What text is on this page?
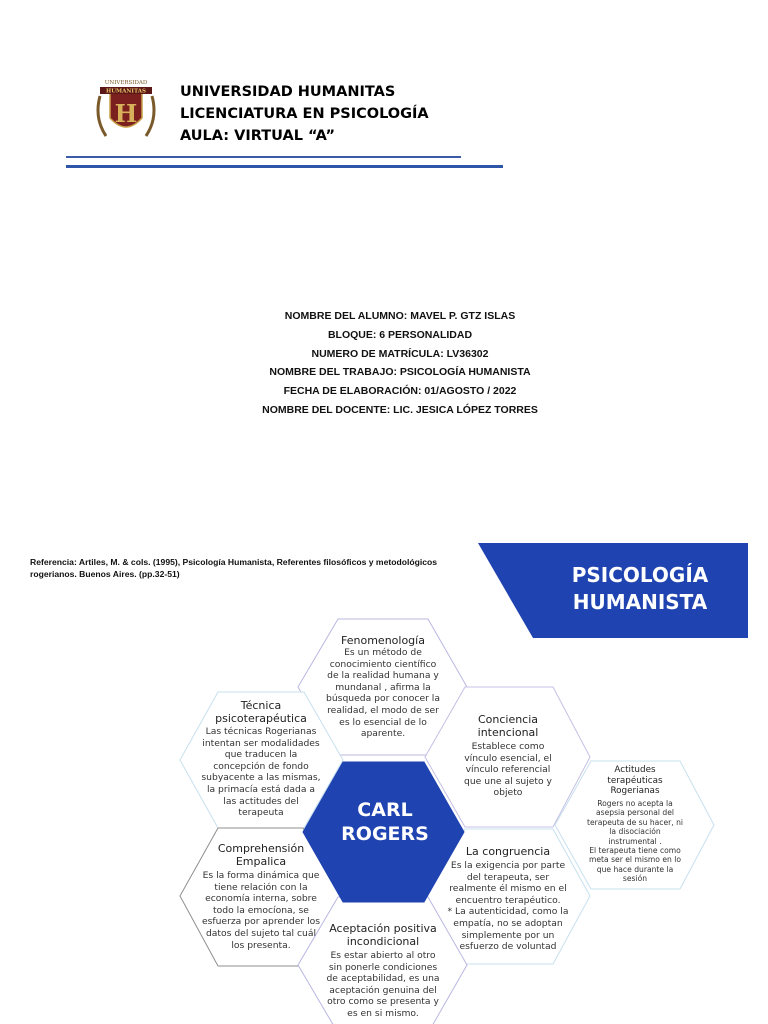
H
UNIVERSIDAD
HUMANITAS UNIVERSIDAD HUMANITAS
LICENCIATURA EN PSICOLOGÍA
AULA: VIRTUAL “A”
NOMBRE DEL ALUMNO: MAVEL P. GTZ ISLAS
BLOQUE: 6 PERSONALIDAD
NUMERO DE MATRÍCULA: LV36302
NOMBRE DEL TRABAJO: PSICOLOGÍA HUMANISTA
FECHA DE ELABORACIÓN: 01/AGOSTO / 2022
NOMBRE DEL DOCENTE: LIC. JESICA LÓPEZ TORRES
Referencia: Artiles, M. & cols. (1995), Psicología Humanista, Referentes filosóficos y metodológicos rogerianos. Buenos Aires. (pp.32-51)	PSICOLOGÍA
HUMANISTA
CARL
ROGERS
Fenomenología
Es un método de
conocimiento científico
de la realidad humana y
mundanal , afirma la
búsqueda por conocer la
realidad, el modo de ser
es lo esencial de lo
aparente.
Técnica
psicoterapéutica
Las técnicas Rogerianas
intentan ser modalidades
que traducen la
concepción de fondo
subyacente a las mismas,
la primacía está dada a
las actitudes del
terapeuta
Conciencia
intencional
Establece como
vínculo esencial, el
vínculo referencial
que une al sujeto y
objeto
Actitudes
terapéuticas
Rogerianas
Rogers no acepta la
asepsia personal del
terapeuta de su hacer, ni
la disociación
instrumental .
El terapeuta tiene como
meta ser el mismo en lo
que hace durante la
sesión
Comprehensión
Empalica
Es la forma dinámica que
tiene relación con la
economía interna, sobre
todo la emocíona, se
esfuerza por aprender los
datos del sujeto tal cuál
los presenta.
La congruencia
Es la exigencia por parte
del terapeuta, ser
realmente él mismo en el
encuentro terapéutico.
* La autenticidad, como la
empatía, no se adoptan
simplemente por un
esfuerzo de voluntad
Aceptación positiva
incondicional
Es estar abierto al otro
sin ponerle condiciones
de aceptabilidad, es una
aceptación genuina del
otro como se presenta y
es en si mismo.
